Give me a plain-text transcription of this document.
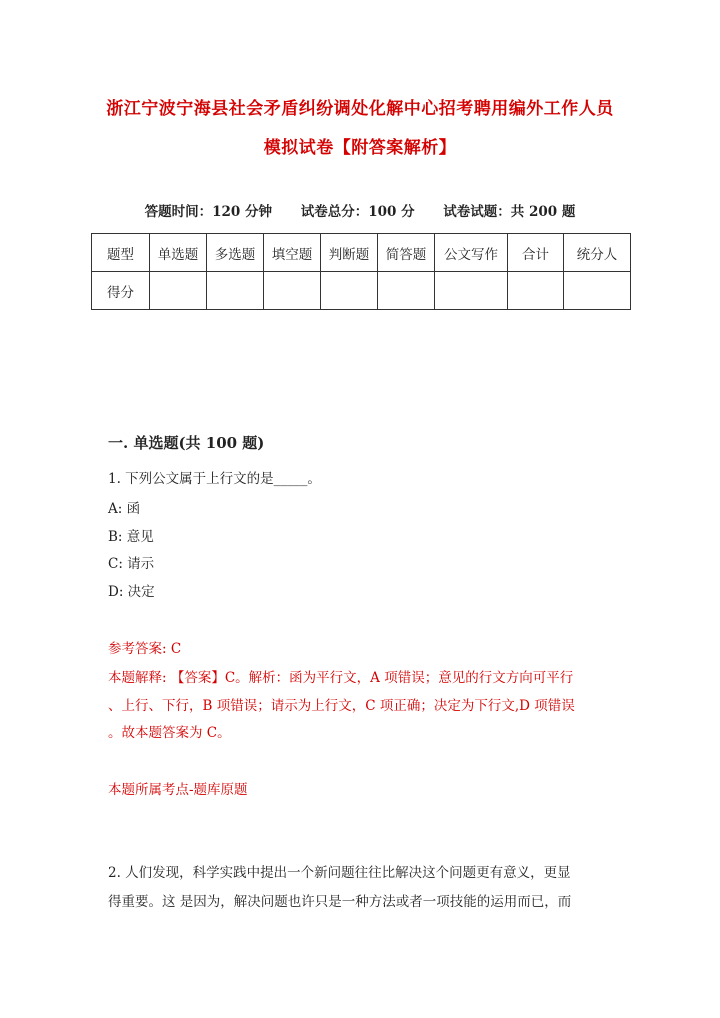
浙江宁波宁海县社会矛盾纠纷调处化解中心招考聘用编外工作人员
模拟试卷【附答案解析】
答题时间：120 分钟 试卷总分：100 分 试卷试题：共 200 题
题型	单选题	多选题	填空题	判断题	简答题	公文写作	合计	统分人
得分								
一. 单选题(共 100 题)
1. 下列公文属于上行文的是_____。
A: 函
B: 意见
C: 请示
D: 决定
参考答案: C
本题解释: 【答案】C。解析：函为平行文，A 项错误；意见的行文方向可平行
、上行、下行，B 项错误；请示为上行文，C 项正确；决定为下行文,D 项错误
。故本题答案为 C。
本题所属考点-题库原题
2. 人们发现，科学实践中提出一个新问题往往比解决这个问题更有意义，更显
得重要。这 是因为，解决问题也许只是一种方法或者一项技能的运用而已，而
